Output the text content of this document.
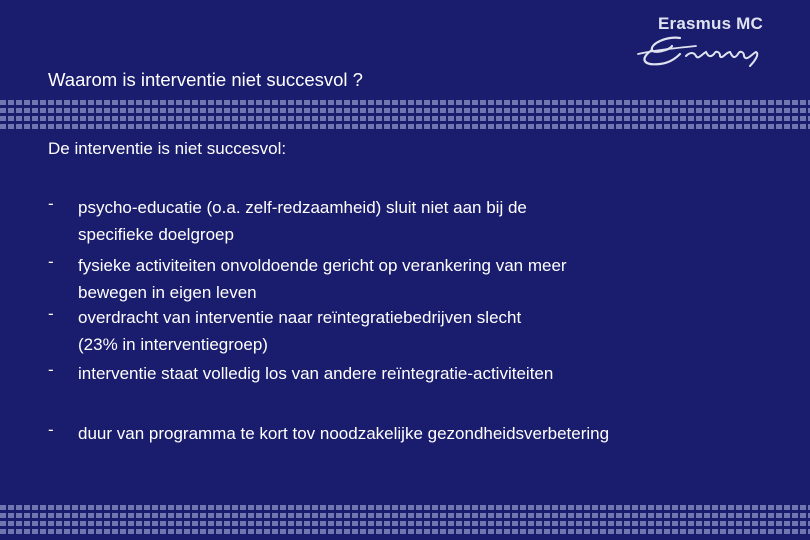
Erasmus MC
Waarom is interventie niet succesvol ?
De interventie is niet succesvol:
- psycho-educatie (o.a. zelf-redzaamheid) sluit niet aan bij de
specifieke doelgroep
- fysieke activiteiten onvoldoende gericht op verankering van meer
bewegen in eigen leven
- overdracht van interventie naar reïntegratiebedrijven slecht
(23% in interventiegroep)
- interventie staat volledig los van andere reïntegratie-activiteiten
- duur van programma te kort tov noodzakelijke gezondheidsverbetering
